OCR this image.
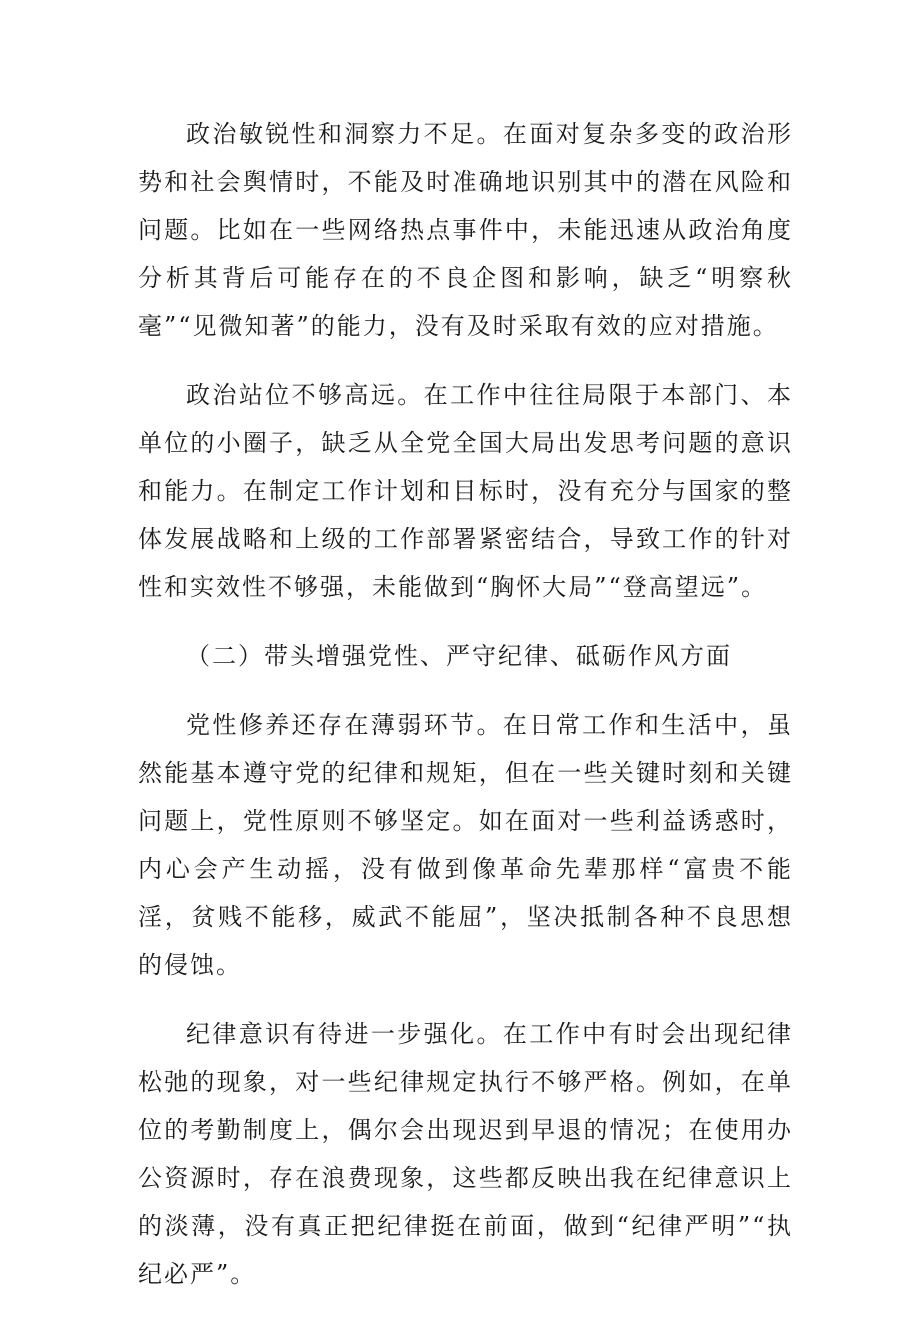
政治敏锐性和洞察力不足。在面对复杂多变的政治形势和社会舆情时，不能及时准确地识别其中的潜在风险和问题。比如在一些网络热点事件中，未能迅速从政治角度分析其背后可能存在的不良企图和影响，缺乏“明察秋毫”“见微知著”的能力，没有及时采取有效的应对措施。

政治站位不够高远。在工作中往往局限于本部门、本单位的小圈子，缺乏从全党全国大局出发思考问题的意识和能力。在制定工作计划和目标时，没有充分与国家的整体发展战略和上级的工作部署紧密结合，导致工作的针对性和实效性不够强，未能做到“胸怀大局”“登高望远”。

（二）带头增强党性、严守纪律、砥砺作风方面

党性修养还存在薄弱环节。在日常工作和生活中，虽然能基本遵守党的纪律和规矩，但在一些关键时刻和关键问题上，党性原则不够坚定。如在面对一些利益诱惑时，内心会产生动摇，没有做到像革命先辈那样“富贵不能淫，贫贱不能移，威武不能屈”，坚决抵制各种不良思想的侵蚀。

纪律意识有待进一步强化。在工作中有时会出现纪律松弛的现象，对一些纪律规定执行不够严格。例如，在单位的考勤制度上，偶尔会出现迟到早退的情况；在使用办公资源时，存在浪费现象，这些都反映出我在纪律意识上的淡薄，没有真正把纪律挺在前面，做到“纪律严明”“执纪必严”。
